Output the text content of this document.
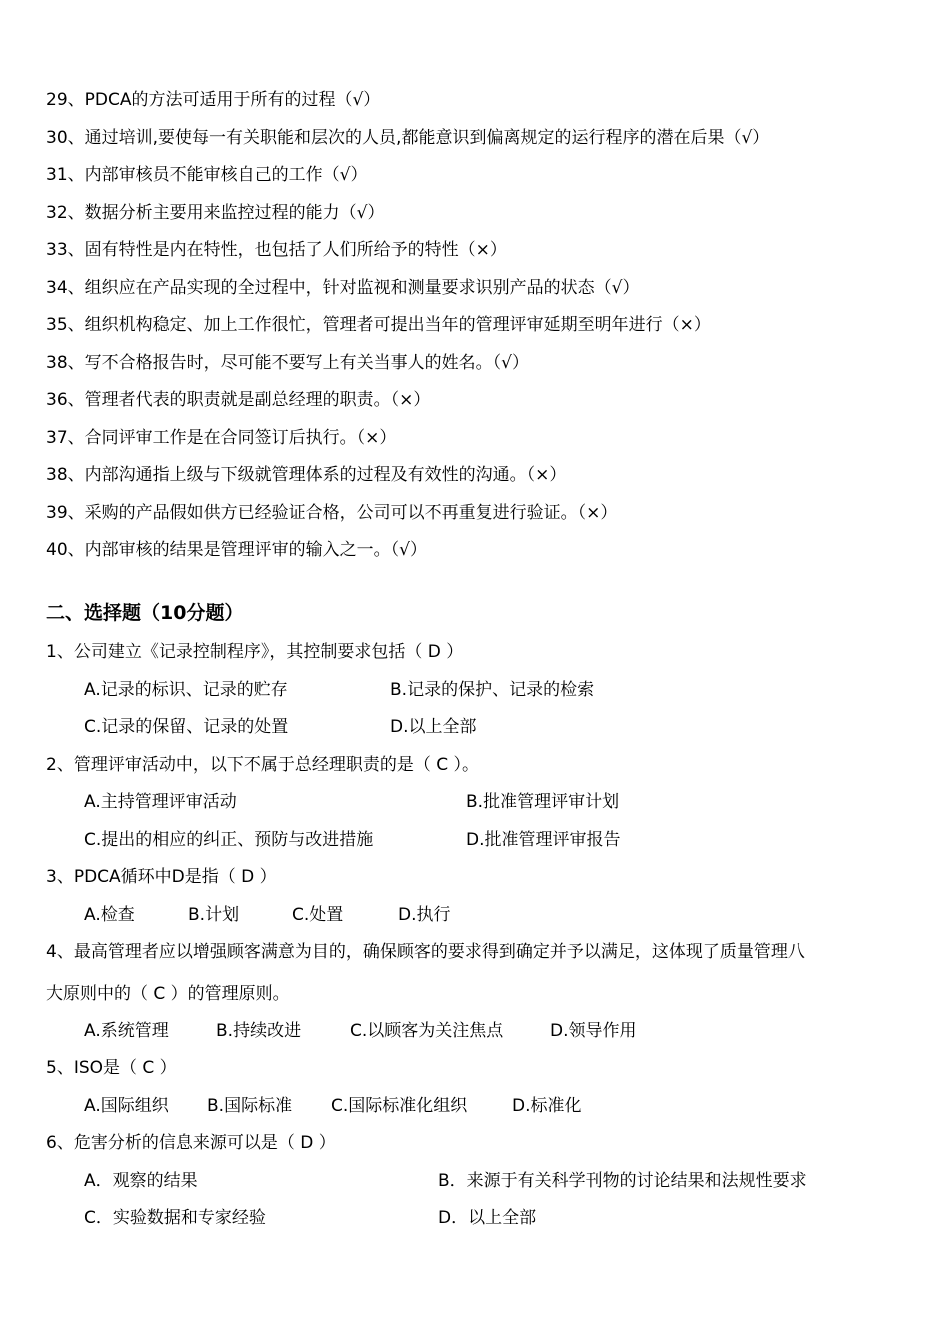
29、PDCA的方法可适用于所有的过程（√）
30、通过培训,要使每一有关职能和层次的人员,都能意识到偏离规定的运行程序的潜在后果（√）
31、内部审核员不能审核自己的工作（√）
32、数据分析主要用来监控过程的能力（√）
33、固有特性是内在特性，也包括了人们所给予的特性（×）
34、组织应在产品实现的全过程中，针对监视和测量要求识别产品的状态（√）
35、组织机构稳定、加上工作很忙，管理者可提出当年的管理评审延期至明年进行（×）
38、写不合格报告时，尽可能不要写上有关当事人的姓名。（√）
36、管理者代表的职责就是副总经理的职责。（×）
37、合同评审工作是在合同签订后执行。（×）
38、内部沟通指上级与下级就管理体系的过程及有效性的沟通。（×）
39、采购的产品假如供方已经验证合格，公司可以不再重复进行验证。（×）
40、内部审核的结果是管理评审的输入之一。（√）
二、选择题（10分题）
1、公司建立《记录控制程序》，其控制要求包括（ D ）
A.记录的标识、记录的贮存	B.记录的保护、记录的检索
C.记录的保留、记录的处置	D.以上全部
2、管理评审活动中，以下不属于总经理职责的是（ C ）。
A.主持管理评审活动	B.批准管理评审计划
C.提出的相应的纠正、预防与改进措施	D.批准管理评审报告
3、PDCA循环中D是指（ D ）
A.检查	B.计划	C.处置	D.执行
4、最高管理者应以增强顾客满意为目的，确保顾客的要求得到确定并予以满足，这体现了质量管理八
大原则中的（ C ）的管理原则。
A.系统管理	B.持续改进	C.以顾客为关注焦点	D.领导作用
5、ISO是（ C ）
A.国际组织 B.国际标准 C.国际标准化组织	D.标准化
6、危害分析的信息来源可以是（ D ）
A．观察的结果	B．来源于有关科学刊物的讨论结果和法规性要求
C．实验数据和专家经验	D．以上全部
